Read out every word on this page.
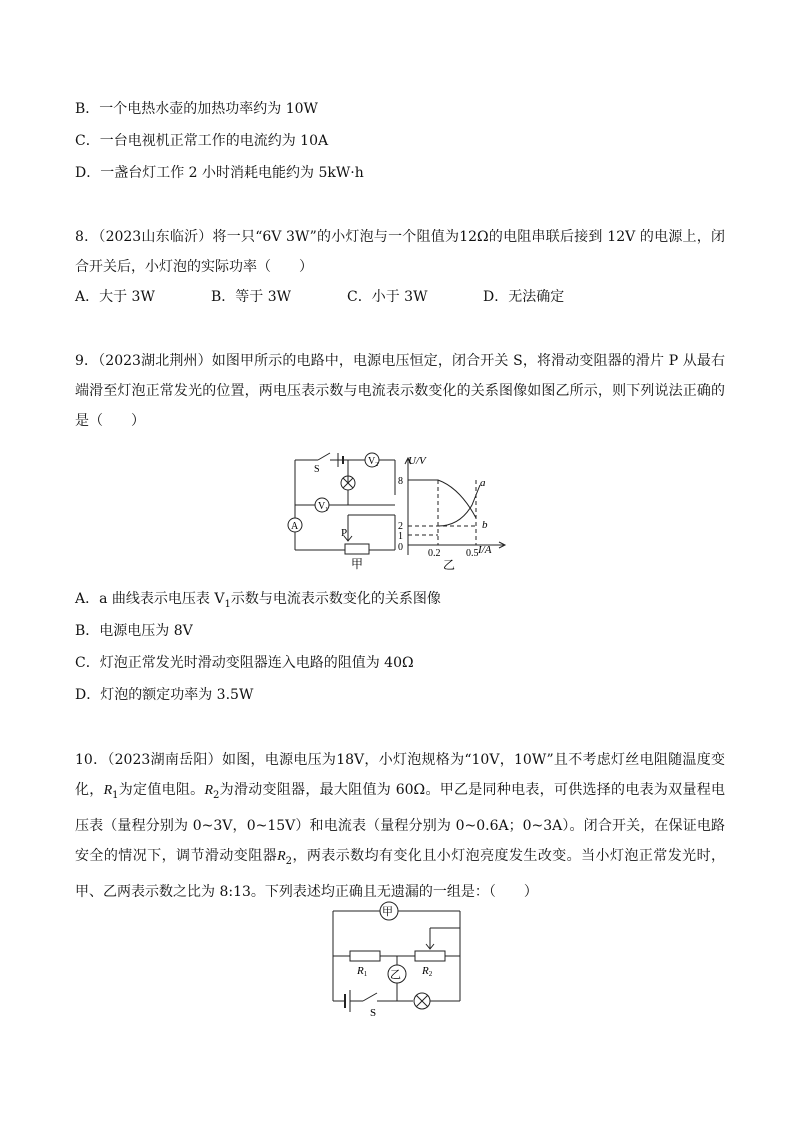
B．一个电热水壶的加热功率约为 10W
C．一台电视机正常工作的电流约为 10A
D．一盏台灯工作 2 小时消耗电能约为 5kW·h
8．（2023山东临沂）将一只“6V 3W”的小灯泡与一个阻值为12Ω的电阻串联后接到 12V 的电源上，闭合开关后，小灯泡的实际功率（　　）
A．大于 3W	B．等于 3W	C．小于 3W	D．无法确定
9．（2023湖北荆州）如图甲所示的电路中，电源电压恒定，闭合开关 S，将滑动变阻器的滑片 P 从最右端滑至灯泡正常发光的位置，两电压表示数与电流表示数变化的关系图像如图乙所示，则下列说法正确的是（　　）
S
$V_2$
$V_1$
A
P
甲
U/V
I/A
8
2
1
0
0.2	0.5
a
b
乙
A．a 曲线表示电压表 $V_1$示数与电流表示数变化的关系图像
B．电源电压为 8V
C．灯泡正常发光时滑动变阻器连入电路的阻值为 40Ω
D．灯泡的额定功率为 3.5W
10．（2023湖南岳阳）如图，电源电压为18V，小灯泡规格为“10V，10W”且不考虑灯丝电阻随温度变化，$R_1$为定值电阻。$R_2$为滑动变阻器，最大阻值为 60Ω。甲乙是同种电表，可供选择的电表为双量程电压表（量程分别为 0~3V，0~15V）和电流表（量程分别为 0~0.6A；0~3A）。闭合开关，在保证电路安全的情况下，调节滑动变阻器$R_2$，两表示数均有变化且小灯泡亮度发生改变。当小灯泡正常发光时，甲、乙两表示数之比为 8:13。下列表述均正确且无遗漏的一组是：（　　）
甲
乙
R1	R2
S
